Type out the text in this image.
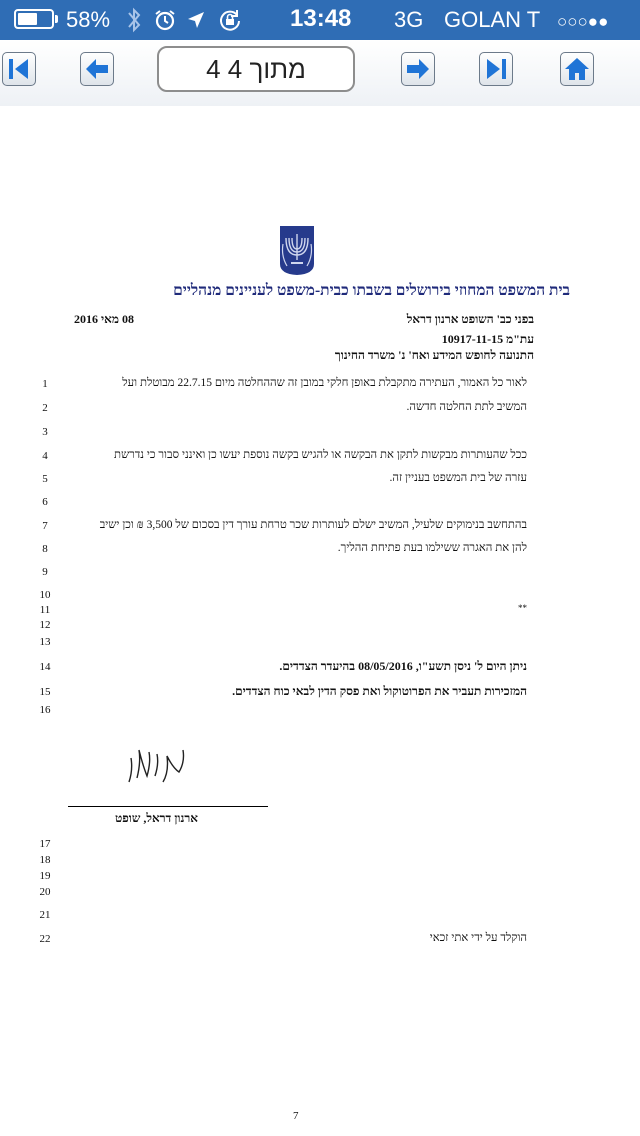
58%	13:48 3G GOLAN T ○○○●●
4 מתוך 4
בית המשפט המחוזי בירושלים בשבתו כבית-משפט לעניינים מנהליים
בפני כב' השופט ארנון דראל
08 מאי 2016
עת"מ 10917-11-15
התנועה לחופש המידע ואח' נ' משרד החינוך
1
2
3
4
5
6
7
8
9
10
11
12
13
14
15
16
17
18
19
20
21
22
לאור כל האמור, העתירה מתקבלת באופן חלקי במובן זה שההחלטה מיום 22.7.15 מבוטלת ועל
המשיב לתת החלטה חדשה.
ככל שהעותרות מבקשות לתקן את הבקשה או להגיש בקשה נוספת יעשו כן ואינני סבור כי נדרשת
עזרה של בית המשפט בעניין זה.
בהתחשב בנימוקים שלעיל, המשיב ישלם לעותרות שכר טרחת עורך דין בסכום של 3,500 ₪ וכן ישיב
להן את האגרה ששילמו בעת פתיחת ההליך.
**
ניתן היום ל' ניסן תשע"ו, 08/05/2016 בהיעדר הצדדים.
המזכירות תעביר את הפרוטוקול ואת פסק הדין לבאי כוח הצדדים.
ארנון דראל, שופט
הוקלד על ידי אתי זכאי
7
